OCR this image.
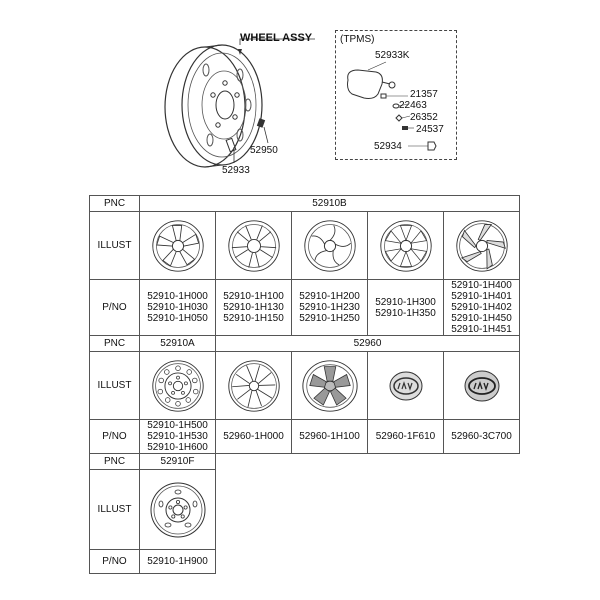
WHEEL ASSY
52950
52933
(TPMS)
52933K
21357
22463
26352
24537
52934
PNC	52910B				
ILLUST	

P/NO	52910-1H000
52910-1H030
52910-1H050	52910-1H100
52910-1H130
52910-1H150	52910-1H200
52910-1H230
52910-1H250	52910-1H300
52910-1H350	52910-1H400
52910-1H401
52910-1H402
52910-1H450
52910-1H451

PNC	52910A	52960			
ILLUST	

P/NO	52910-1H500
52910-1H530
52910-1H600	52960-1H000	52960-1H100	52960-1F610	52960-3C700

PNC	52910F				
ILLUST	

P/NO	52910-1H900				
